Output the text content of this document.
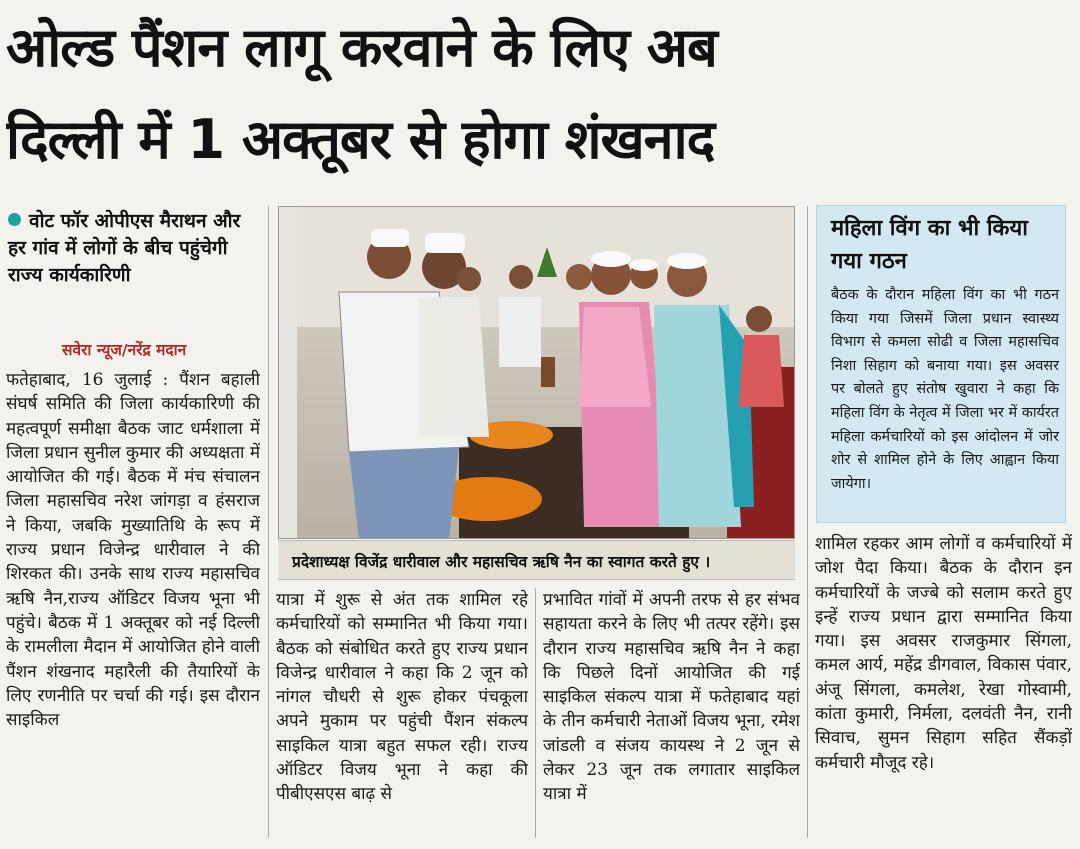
ओल्ड पैंशन लागू करवाने के लिए अब
दिल्ली में 1 अक्तूबर से होगा शंखनाद
वोट फॉर ओपीएस मैराथन और हर गांव में लोगों के बीच पहुंचेगी राज्य कार्यकारिणी
सवेरा न्यूज/नरेंद्र मदान
फतेहाबाद, 16 जुलाई : पैंशन बहाली संघर्ष समिति की जिला कार्यकारिणी की महत्वपूर्ण समीक्षा बैठक जाट धर्मशाला में जिला प्रधान सुनील कुमार की अध्यक्षता में आयोजित की गई। बैठक में मंच संचालन जिला महासचिव नरेश जांगड़ा व हंसराज ने किया, जबकि मुख्यातिथि के रूप में राज्य प्रधान विजेन्द्र धारीवाल ने की शिरकत की। उनके साथ राज्य महासचिव ऋषि नैन,राज्य ऑडिटर विजय भूना भी पहुंचे। बैठक में 1 अक्तूबर को नई दिल्ली के रामलीला मैदान में आयोजित होने वाली पैंशन शंखनाद महारैली की तैयारियों के लिए रणनीति पर चर्चा की गई। इस दौरान साइकिल
प्रदेशाध्यक्ष विजेंद्र धारीवाल और महासचिव ऋषि नैन का स्वागत करते हुए ।
यात्रा में शुरू से अंत तक शामिल रहे कर्मचारियों को सम्मानित भी किया गया। बैठक को संबोधित करते हुए राज्य प्रधान विजेन्द्र धारीवाल ने कहा कि 2 जून को नांगल चौधरी से शुरू होकर पंचकूला अपने मुकाम पर पहुंची पैंशन संकल्प साइकिल यात्रा बहुत सफल रही। राज्य ऑडिटर विजय भूना ने कहा की पीबीएसएस बाढ़ से
प्रभावित गांवों में अपनी तरफ से हर संभव सहायता करने के लिए भी तत्पर रहेंगे। इस दौरान राज्य महासचिव ऋषि नैन ने कहा कि पिछले दिनों आयोजित की गई साइकिल संकल्प यात्रा में फतेहाबाद यहां के तीन कर्मचारी नेताओं विजय भूना, रमेश जांडली व संजय कायस्थ ने 2 जून से लेकर 23 जून तक लगातार साइकिल यात्रा में
महिला विंग का भी किया गया गठन
बैठक के दौरान महिला विंग का भी गठन किया गया जिसमें जिला प्रधान स्वास्थ्य विभाग से कमला सोढी व जिला महासचिव निशा सिहाग को बनाया गया। इस अवसर पर बोलते हुए संतोष खुवारा ने कहा कि महिला विंग के नेतृत्व में जिला भर में कार्यरत महिला कर्मचारियों को इस आंदोलन में जोर शोर से शामिल होने के लिए आह्वान किया जायेगा।
शामिल रहकर आम लोगों व कर्मचारियों में जोश पैदा किया। बैठक के दौरान इन कर्मचारियों के जज्बे को सलाम करते हुए इन्हें राज्य प्रधान द्वारा सम्मानित किया गया। इस अवसर राजकुमार सिंगला, कमल आर्य, महेंद्र डीगवाल, विकास पंवार, अंजू सिंगला, कमलेश, रेखा गोस्वामी, कांता कुमारी, निर्मला, दलवंती नैन, रानी सिवाच, सुमन सिहाग सहित सैंकड़ों कर्मचारी मौजूद रहे।
